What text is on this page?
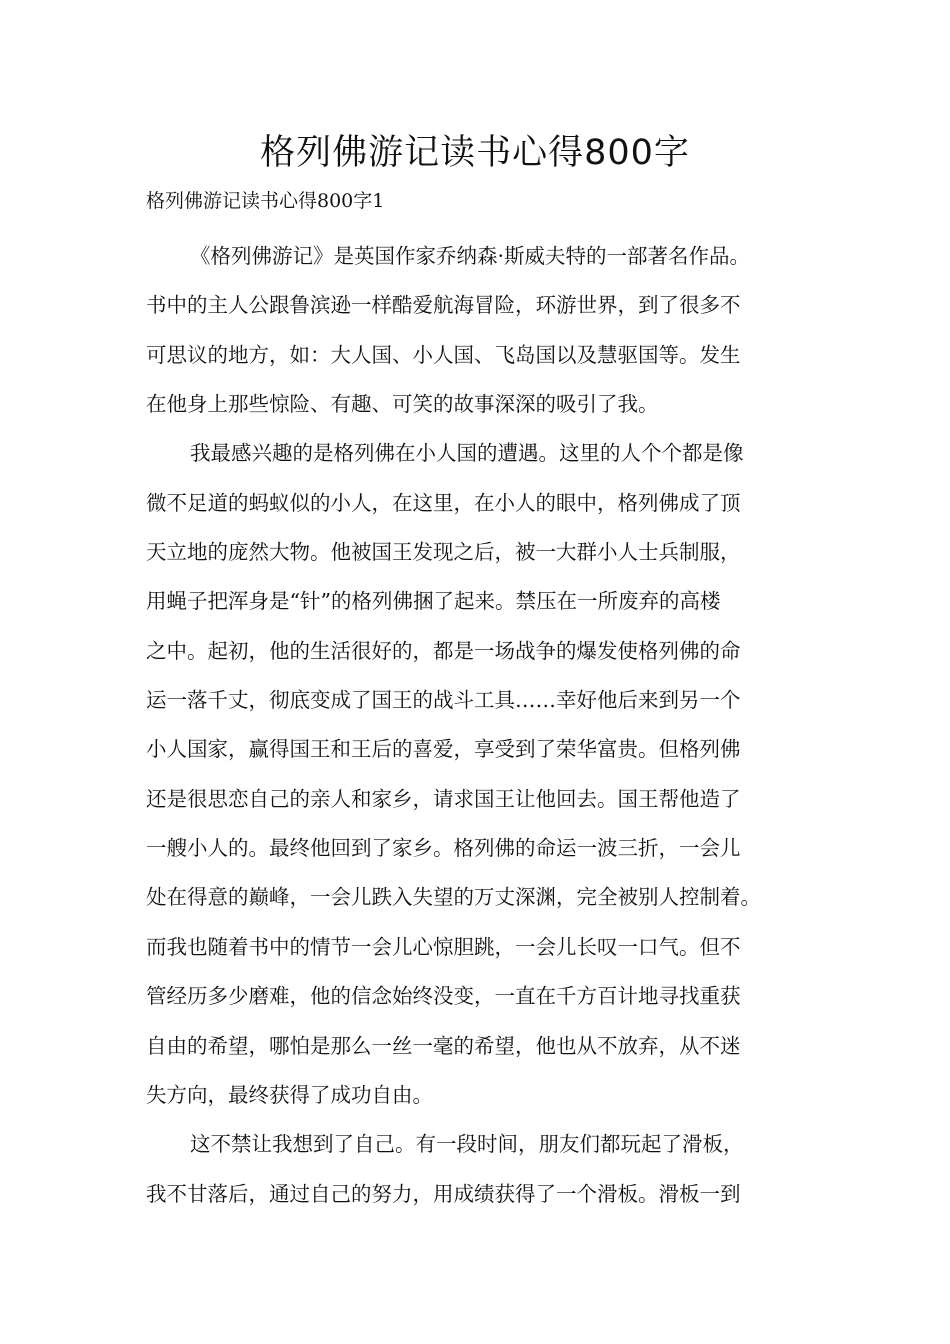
格列佛游记读书心得800字

格列佛游记读书心得800字1

《格列佛游记》是英国作家乔纳森·斯威夫特的一部著名作品。

书中的主人公跟鲁滨逊一样酷爱航海冒险，环游世界，到了很多不

可思议的地方，如：大人国、小人国、飞岛国以及慧驱国等。发生

在他身上那些惊险、有趣、可笑的故事深深的吸引了我。

我最感兴趣的是格列佛在小人国的遭遇。这里的人个个都是像

微不足道的蚂蚁似的小人，在这里，在小人的眼中，格列佛成了顶

天立地的庞然大物。他被国王发现之后，被一大群小人士兵制服，

用蝇子把浑身是“针”的格列佛捆了起来。禁压在一所废弃的高楼

之中。起初，他的生活很好的，都是一场战争的爆发使格列佛的命

运一落千丈，彻底变成了国王的战斗工具……幸好他后来到另一个

小人国家，赢得国王和王后的喜爱，享受到了荣华富贵。但格列佛

还是很思恋自己的亲人和家乡，请求国王让他回去。国王帮他造了

一艘小人的。最终他回到了家乡。格列佛的命运一波三折，一会儿

处在得意的巅峰，一会儿跌入失望的万丈深渊，完全被别人控制着。

而我也随着书中的情节一会儿心惊胆跳，一会儿长叹一口气。但不

管经历多少磨难，他的信念始终没变，一直在千方百计地寻找重获

自由的希望，哪怕是那么一丝一毫的希望，他也从不放弃，从不迷

失方向，最终获得了成功自由。

这不禁让我想到了自己。有一段时间，朋友们都玩起了滑板，

我不甘落后，通过自己的努力，用成绩获得了一个滑板。滑板一到
